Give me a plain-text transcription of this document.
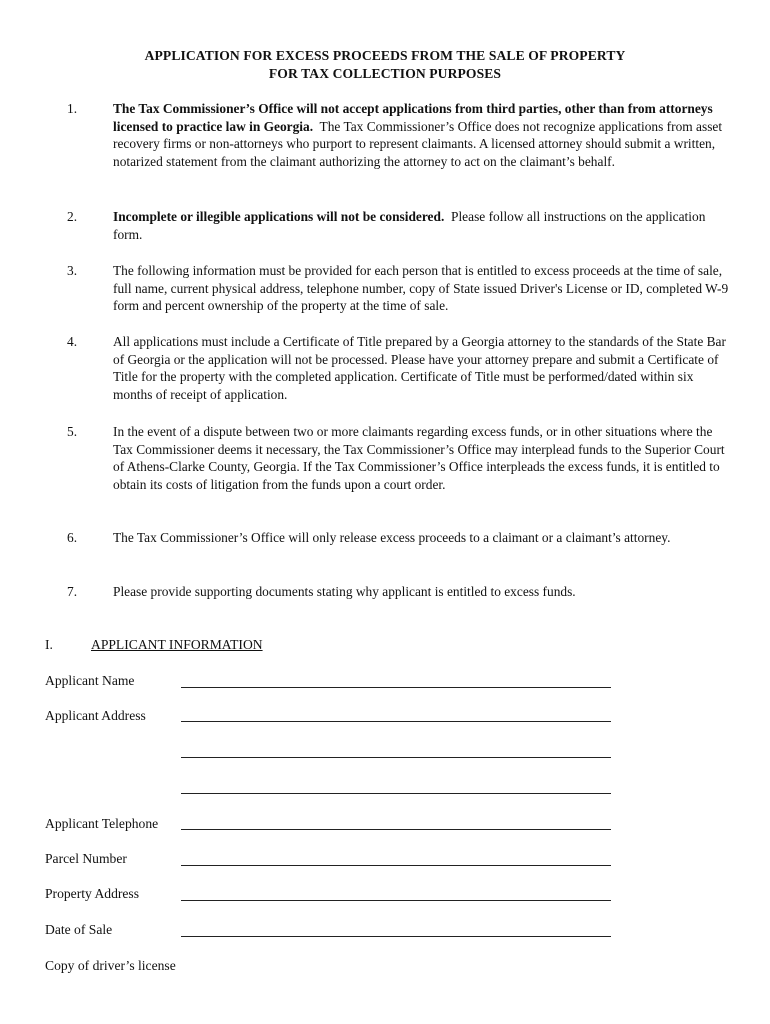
APPLICATION FOR EXCESS PROCEEDS FROM THE SALE OF PROPERTY
FOR TAX COLLECTION PURPOSES
1.	The Tax Commissioner’s Office will not accept applications from third parties, other than from attorneys licensed to practice law in Georgia. The Tax Commissioner’s Office does not recognize applications from asset recovery firms or non-attorneys who purport to represent claimants. A licensed attorney should submit a written, notarized statement from the claimant authorizing the attorney to act on the claimant’s behalf.
2.	Incomplete or illegible applications will not be considered. Please follow all instructions on the application form.
3.	The following information must be provided for each person that is entitled to excess proceeds at the time of sale, full name, current physical address, telephone number, copy of State issued Driver's License or ID, completed W-9 form and percent ownership of the property at the time of sale.
4.	All applications must include a Certificate of Title prepared by a Georgia attorney to the standards of the State Bar of Georgia or the application will not be processed. Please have your attorney prepare and submit a Certificate of Title for the property with the completed application. Certificate of Title must be performed/dated within six months of receipt of application.
5.	In the event of a dispute between two or more claimants regarding excess funds, or in other situations where the Tax Commissioner deems it necessary, the Tax Commissioner’s Office may interplead funds to the Superior Court of Athens-Clarke County, Georgia. If the Tax Commissioner’s Office interpleads the excess funds, it is entitled to obtain its costs of litigation from the funds upon a court order.
6.	The Tax Commissioner’s Office will only release excess proceeds to a claimant or a claimant’s attorney.
7.	Please provide supporting documents stating why applicant is entitled to excess funds.
I.	APPLICANT INFORMATION
Applicant Name
Applicant Address
Applicant Telephone
Parcel Number
Property Address
Date of Sale
Copy of driver’s license
